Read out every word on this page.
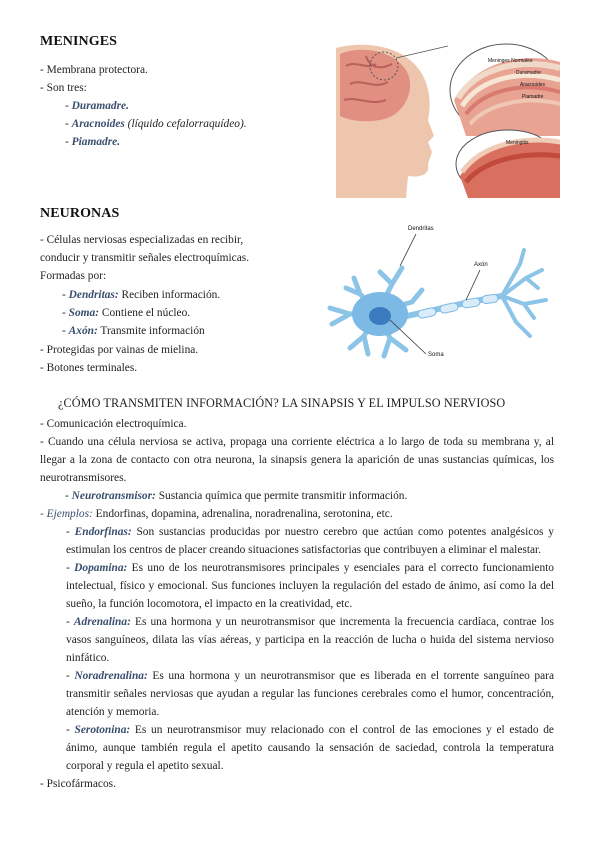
MENINGES
- Membrana protectora.
- Son tres:
- Duramadre.
- Aracnoides (líquido cefalorraquídeo).
- Piamadre.
Meninges Normales
Duramadre
Aracnoides
Piamadre
Meningitis
NEURONAS
- Células nerviosas especializadas en recibir,
conducir y transmitir señales electroquímicas.
Formadas por:
- Dendritas: Reciben información.
- Soma: Contiene el núcleo.
- Axón: Transmite información
- Protegidas por vainas de mielina.
- Botones terminales.
Dendritas
Axón
Soma
¿CÓMO TRANSMITEN INFORMACIÓN? LA SINAPSIS Y EL IMPULSO NERVIOSO
- Comunicación electroquímica.
- Cuando una célula nerviosa se activa, propaga una corriente eléctrica a lo largo de toda su membrana y, al llegar a la zona de contacto con otra neurona, la sinapsis genera la aparición de unas sustancias químicas, los neurotransmisores.
- Neurotransmisor: Sustancia química que permite transmitir información.
- Ejemplos: Endorfinas, dopamina, adrenalina, noradrenalina, serotonina, etc.
- Endorfinas: Son sustancias producidas por nuestro cerebro que actúan como potentes analgésicos y estimulan los centros de placer creando situaciones satisfactorias que contribuyen a eliminar el malestar.
- Dopamina: Es uno de los neurotransmisores principales y esenciales para el correcto funcionamiento intelectual, físico y emocional. Sus funciones incluyen la regulación del estado de ánimo, así como la del sueño, la función locomotora, el impacto en la creatividad, etc.
- Adrenalina: Es una hormona y un neurotransmisor que incrementa la frecuencia cardíaca, contrae los vasos sanguíneos, dilata las vías aéreas, y participa en la reacción de lucha o huida del sistema nervioso ninfático.
- Noradrenalina: Es una hormona y un neurotransmisor que es liberada en el torrente sanguíneo para transmitir señales nerviosas que ayudan a regular las funciones cerebrales como el humor, concentración, atención y memoria.
- Serotonina: Es un neurotransmisor muy relacionado con el control de las emociones y el estado de ánimo, aunque también regula el apetito causando la sensación de saciedad, controla la temperatura corporal y regula el apetito sexual.
- Psicofármacos.
